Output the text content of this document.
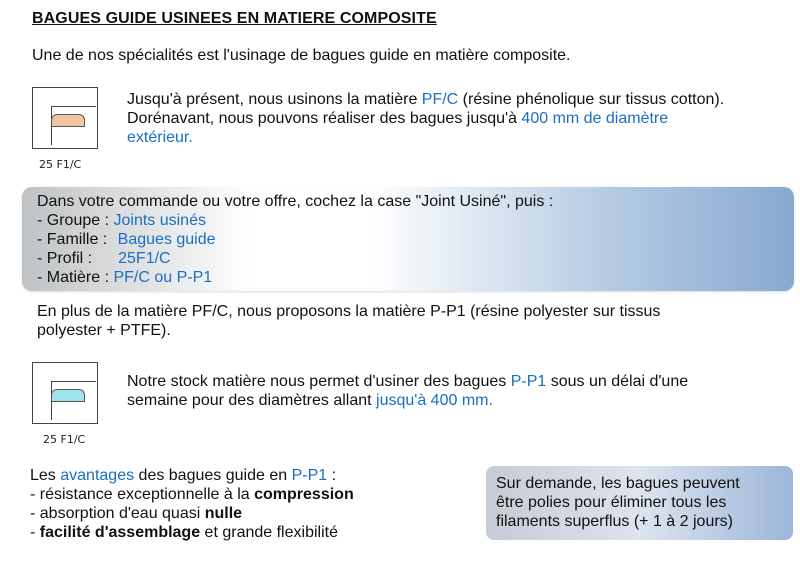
BAGUES GUIDE USINEES EN MATIERE COMPOSITE
Une de nos spécialités est l'usinage de bagues guide en matière composite.
25 F1/C
Jusqu'à présent, nous usinons la matière PF/C (résine phénolique sur tissus cotton).
Dorénavant, nous pouvons réaliser des bagues jusqu'à 400 mm de diamètre
extérieur.
Dans votre commande ou votre offre, cochez la case "Joint Usiné", puis :
- Groupe : Joints usinés
- Famille : Bagues guide
- Profil : 25F1/C
- Matière : PF/C ou P-P1
En plus de la matière PF/C, nous proposons la matière P-P1 (résine polyester sur tissus
polyester + PTFE).
25 F1/C
Notre stock matière nous permet d'usiner des bagues P-P1 sous un délai d'une
semaine pour des diamètres allant jusqu'à 400 mm.
Les avantages des bagues guide en P-P1 :
- résistance exceptionnelle à la compression
- absorption d'eau quasi nulle
- facilité d'assemblage et grande flexibilité
Sur demande, les bagues peuvent
être polies pour éliminer tous les
filaments superflus (+ 1 à 2 jours)
